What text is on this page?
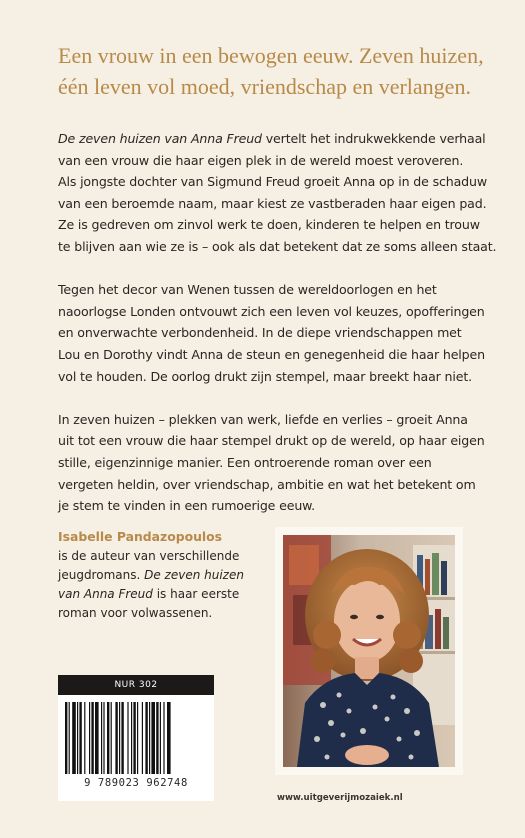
Een vrouw in een bewogen eeuw. Zeven huizen,
één leven vol moed, vriendschap en verlangen.

De zeven huizen van Anna Freud vertelt het indrukwekkende verhaal
van een vrouw die haar eigen plek in de wereld moest veroveren.
Als jongste dochter van Sigmund Freud groeit Anna op in de schaduw
van een beroemde naam, maar kiest ze vastberaden haar eigen pad.
Ze is gedreven om zinvol werk te doen, kinderen te helpen en trouw
te blijven aan wie ze is – ook als dat betekent dat ze soms alleen staat.

Tegen het decor van Wenen tussen de wereldoorlogen en het
naoorlogse Londen ontvouwt zich een leven vol keuzes, opofferingen
en onverwachte verbondenheid. In de diepe vriendschappen met
Lou en Dorothy vindt Anna de steun en genegenheid die haar helpen
vol te houden. De oorlog drukt zijn stempel, maar breekt haar niet.

In zeven huizen – plekken van werk, liefde en verlies – groeit Anna
uit tot een vrouw die haar stempel drukt op de wereld, op haar eigen
stille, eigenzinnige manier. Een ontroerende roman over een
vergeten heldin, over vriendschap, ambitie en wat het betekent om
je stem te vinden in een rumoerige eeuw.

Isabelle Pandazopoulos
is de auteur van verschillende
jeugdromans. De zeven huizen
van Anna Freud is haar eerste
roman voor volwassenen.
NUR 302
9 789023 962748
www.uitgeverijmozaiek.nl
